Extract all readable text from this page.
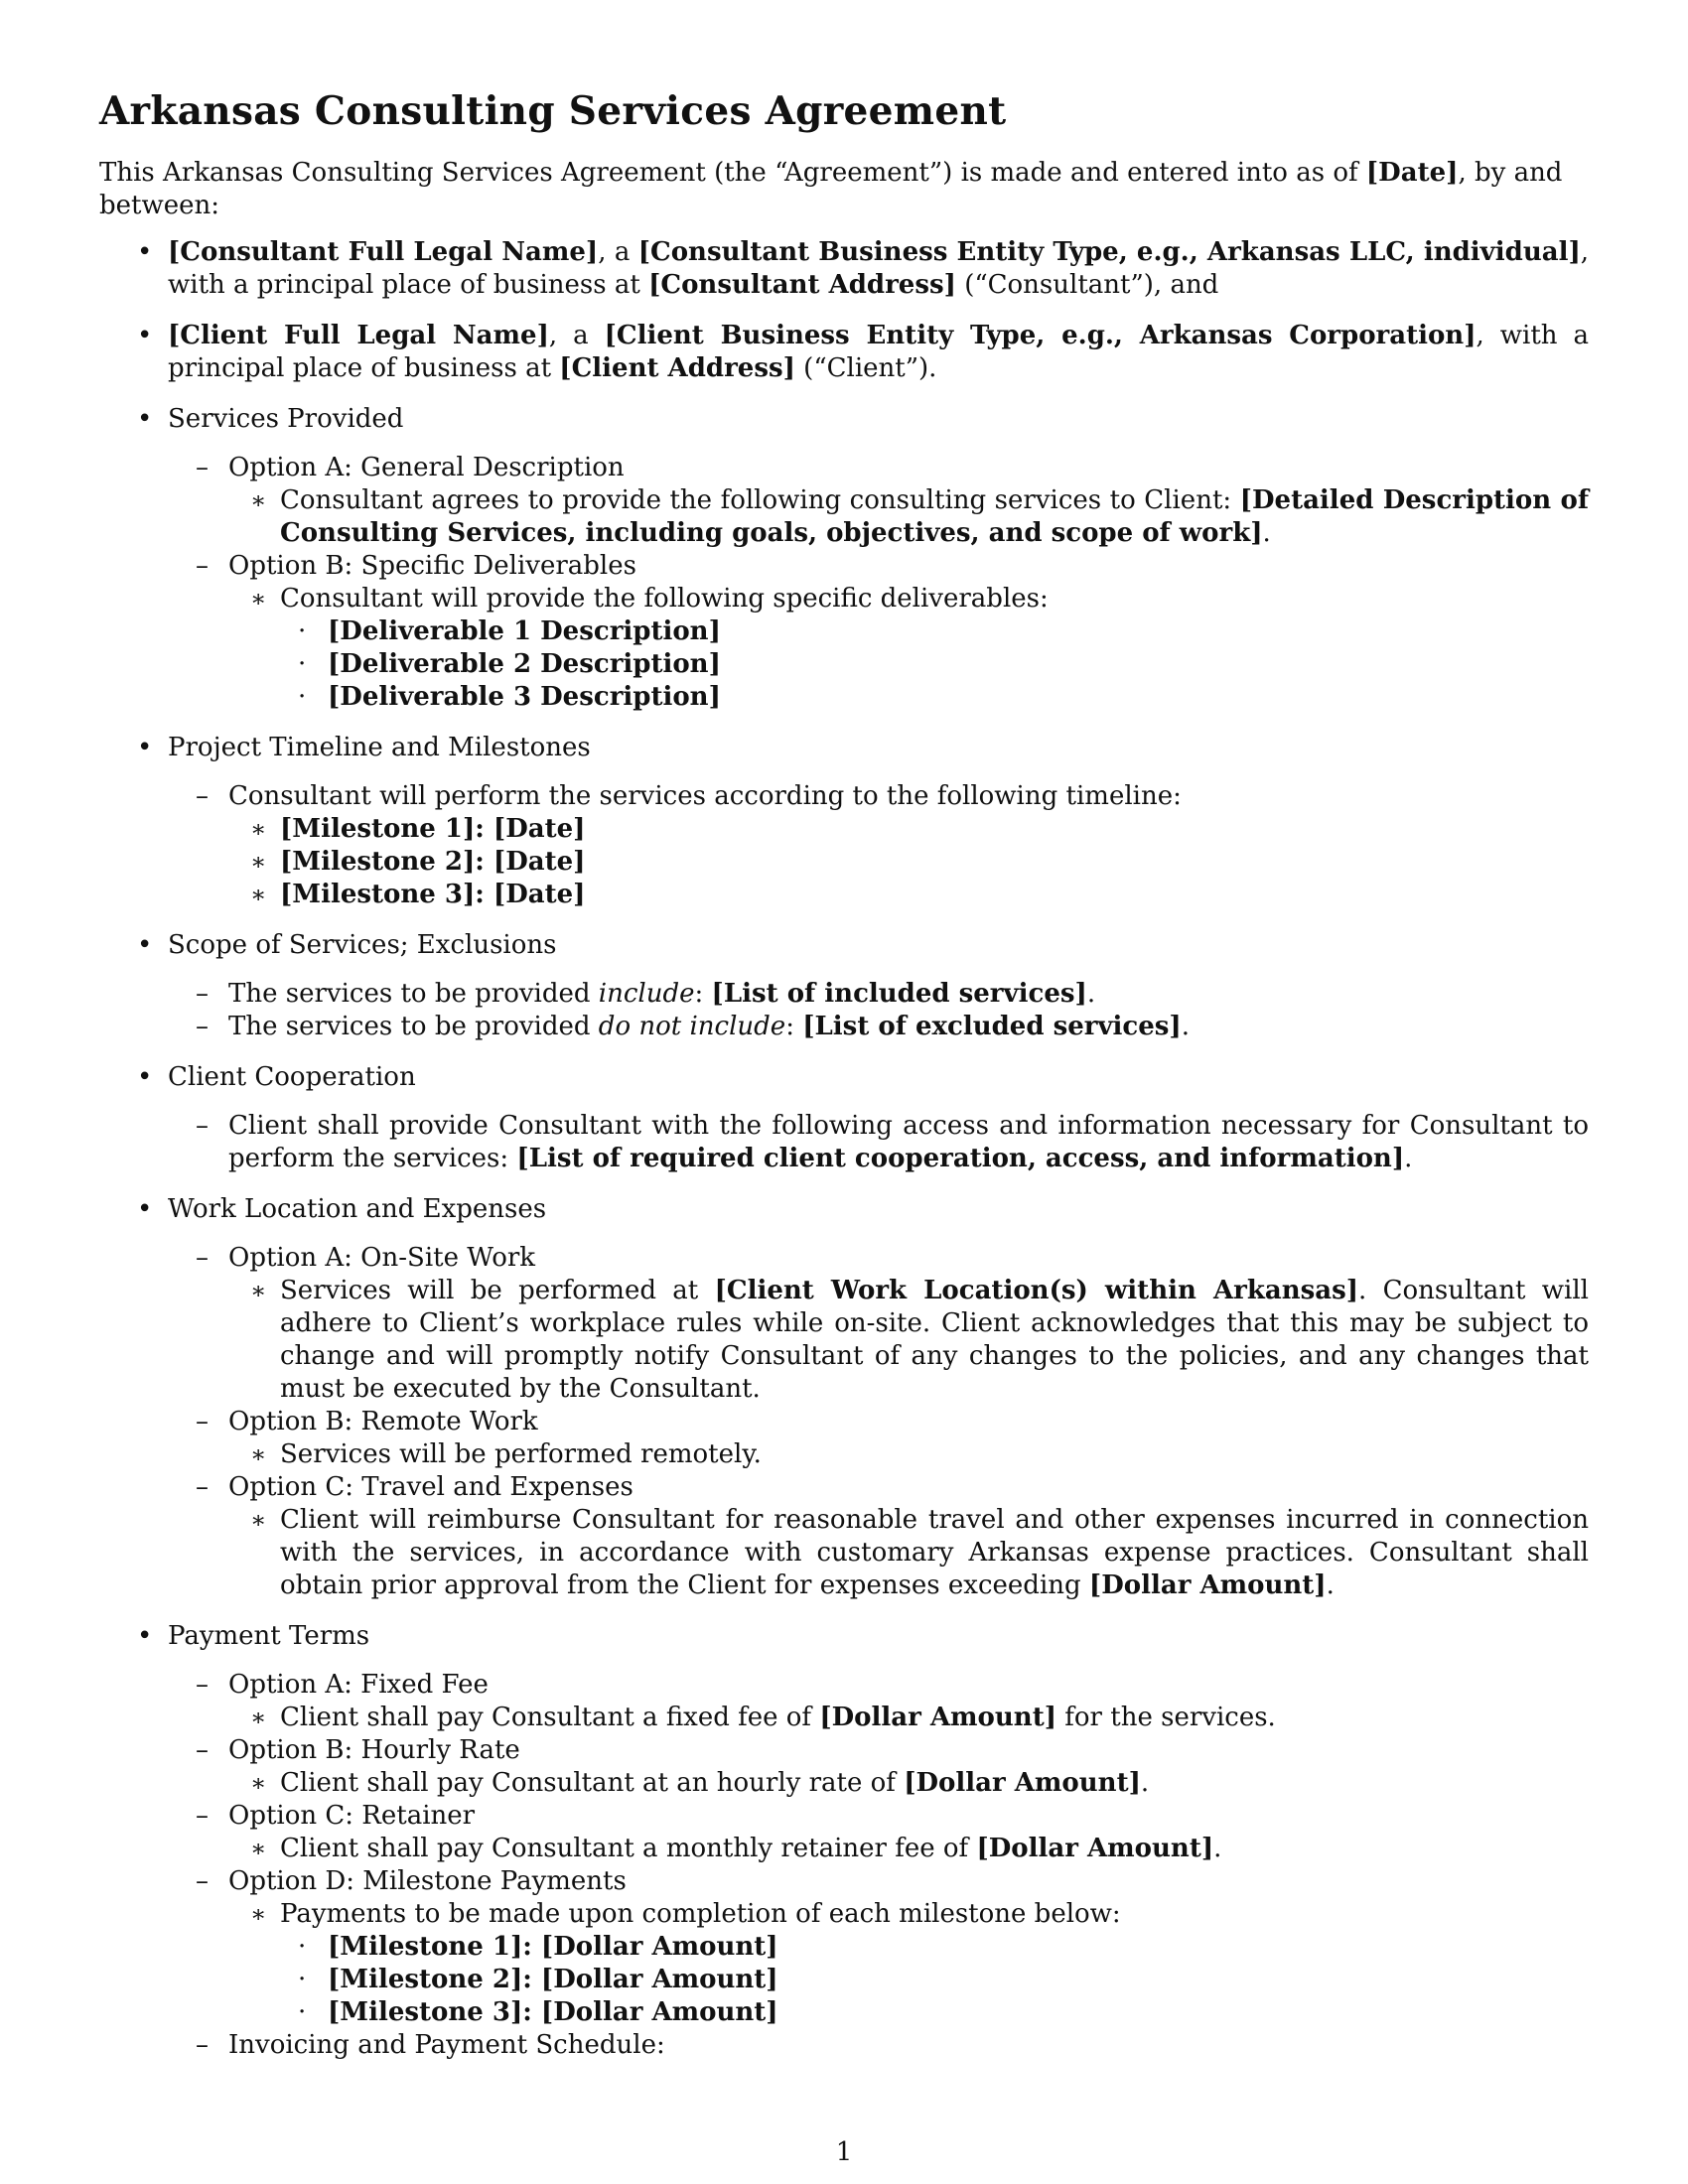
Arkansas Consulting Services Agreement

This Arkansas Consulting Services Agreement (the “Agreement”) is made and entered into as of [Date], by and between:

• [Consultant Full Legal Name], a [Consultant Business Entity Type, e.g., Arkansas LLC, individual], with a principal place of business at [Consultant Address] (“Consultant”), and
• [Client Full Legal Name], a [Client Business Entity Type, e.g., Arkansas Corporation], with a principal place of business at [Client Address] (“Client”).
• Services Provided
– Option A: General Description
∗ Consultant agrees to provide the following consulting services to Client: [Detailed Description of Consulting Services, including goals, objectives, and scope of work].
– Option B: Specific Deliverables
∗ Consultant will provide the following specific deliverables:
· [Deliverable 1 Description]
· [Deliverable 2 Description]
· [Deliverable 3 Description]
• Project Timeline and Milestones
– Consultant will perform the services according to the following timeline:
∗ [Milestone 1]: [Date]
∗ [Milestone 2]: [Date]
∗ [Milestone 3]: [Date]
• Scope of Services; Exclusions
– The services to be provided include: [List of included services].
– The services to be provided do not include: [List of excluded services].
• Client Cooperation
– Client shall provide Consultant with the following access and information necessary for Consultant to perform the services: [List of required client cooperation, access, and information].
• Work Location and Expenses
– Option A: On-Site Work
∗ Services will be performed at [Client Work Location(s) within Arkansas]. Consultant will adhere to Client’s workplace rules while on-site. Client acknowledges that this may be subject to change and will promptly notify Consultant of any changes to the policies, and any changes that must be executed by the Consultant.
– Option B: Remote Work
∗ Services will be performed remotely.
– Option C: Travel and Expenses
∗ Client will reimburse Consultant for reasonable travel and other expenses incurred in connection with the services, in accordance with customary Arkansas expense practices. Consultant shall obtain prior approval from the Client for expenses exceeding [Dollar Amount].
• Payment Terms
– Option A: Fixed Fee
∗ Client shall pay Consultant a fixed fee of [Dollar Amount] for the services.
– Option B: Hourly Rate
∗ Client shall pay Consultant at an hourly rate of [Dollar Amount].
– Option C: Retainer
∗ Client shall pay Consultant a monthly retainer fee of [Dollar Amount].
– Option D: Milestone Payments
∗ Payments to be made upon completion of each milestone below:
· [Milestone 1]: [Dollar Amount]
· [Milestone 2]: [Dollar Amount]
· [Milestone 3]: [Dollar Amount]
– Invoicing and Payment Schedule:
1
